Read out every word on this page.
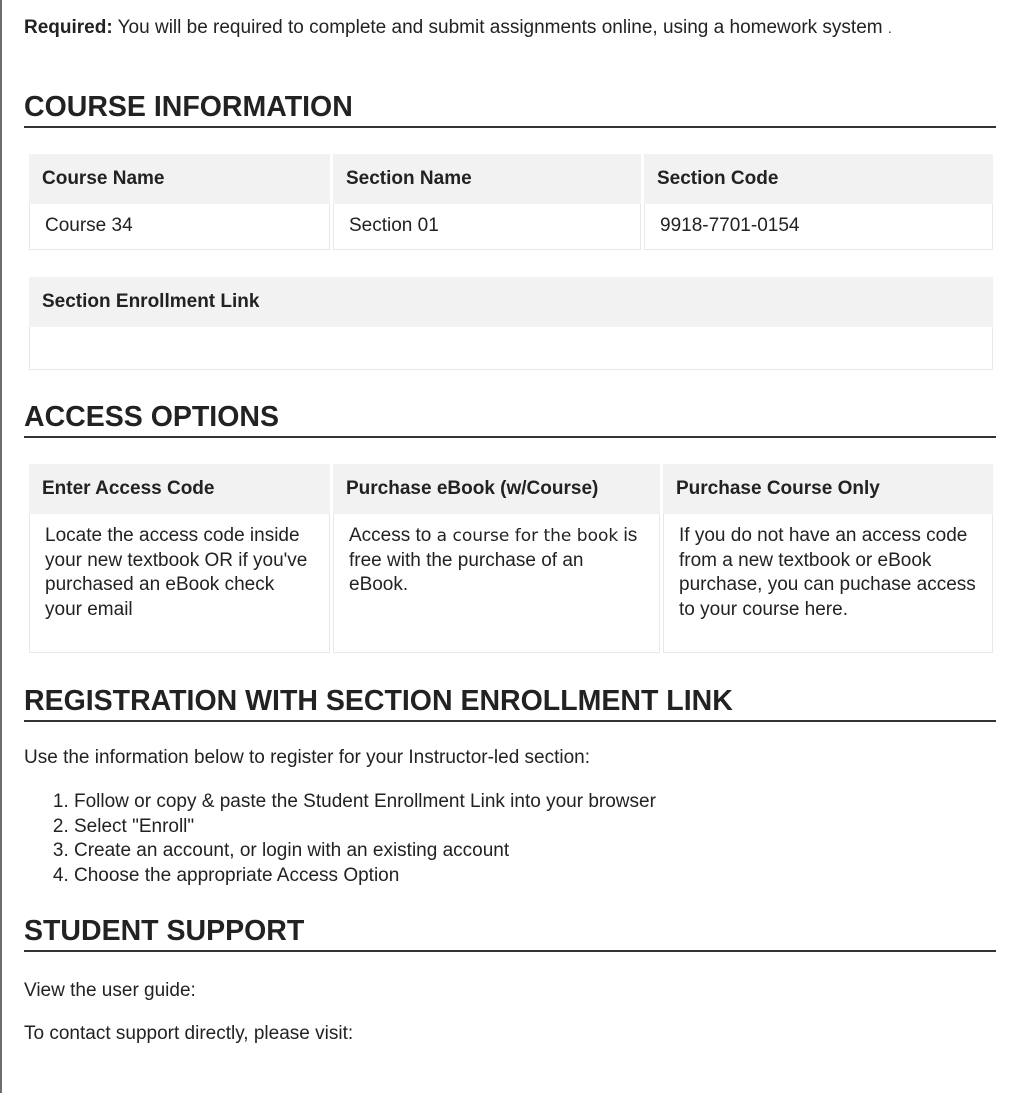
Required: You will be required to complete and submit assignments online, using a homework system .
COURSE INFORMATION
Course Name	Section Name	Section Code
Course 34	Section 01	9918-7701-0154
Section Enrollment Link

ACCESS OPTIONS
Enter Access Code	Purchase eBook (w/Course)	Purchase Course Only
Locate the access code inside your new textbook OR if you've purchased an eBook check your email	Access to a course for the book is free with the purchase of an eBook.	If you do not have an access code from a new textbook or eBook purchase, you can puchase access to your course here.
REGISTRATION WITH SECTION ENROLLMENT LINK
Use the information below to register for your Instructor-led section:
1. Follow or copy & paste the Student Enrollment Link into your browser
2. Select "Enroll"
3. Create an account, or login with an existing account
4. Choose the appropriate Access Option
STUDENT SUPPORT
View the user guide:
To contact support directly, please visit:
